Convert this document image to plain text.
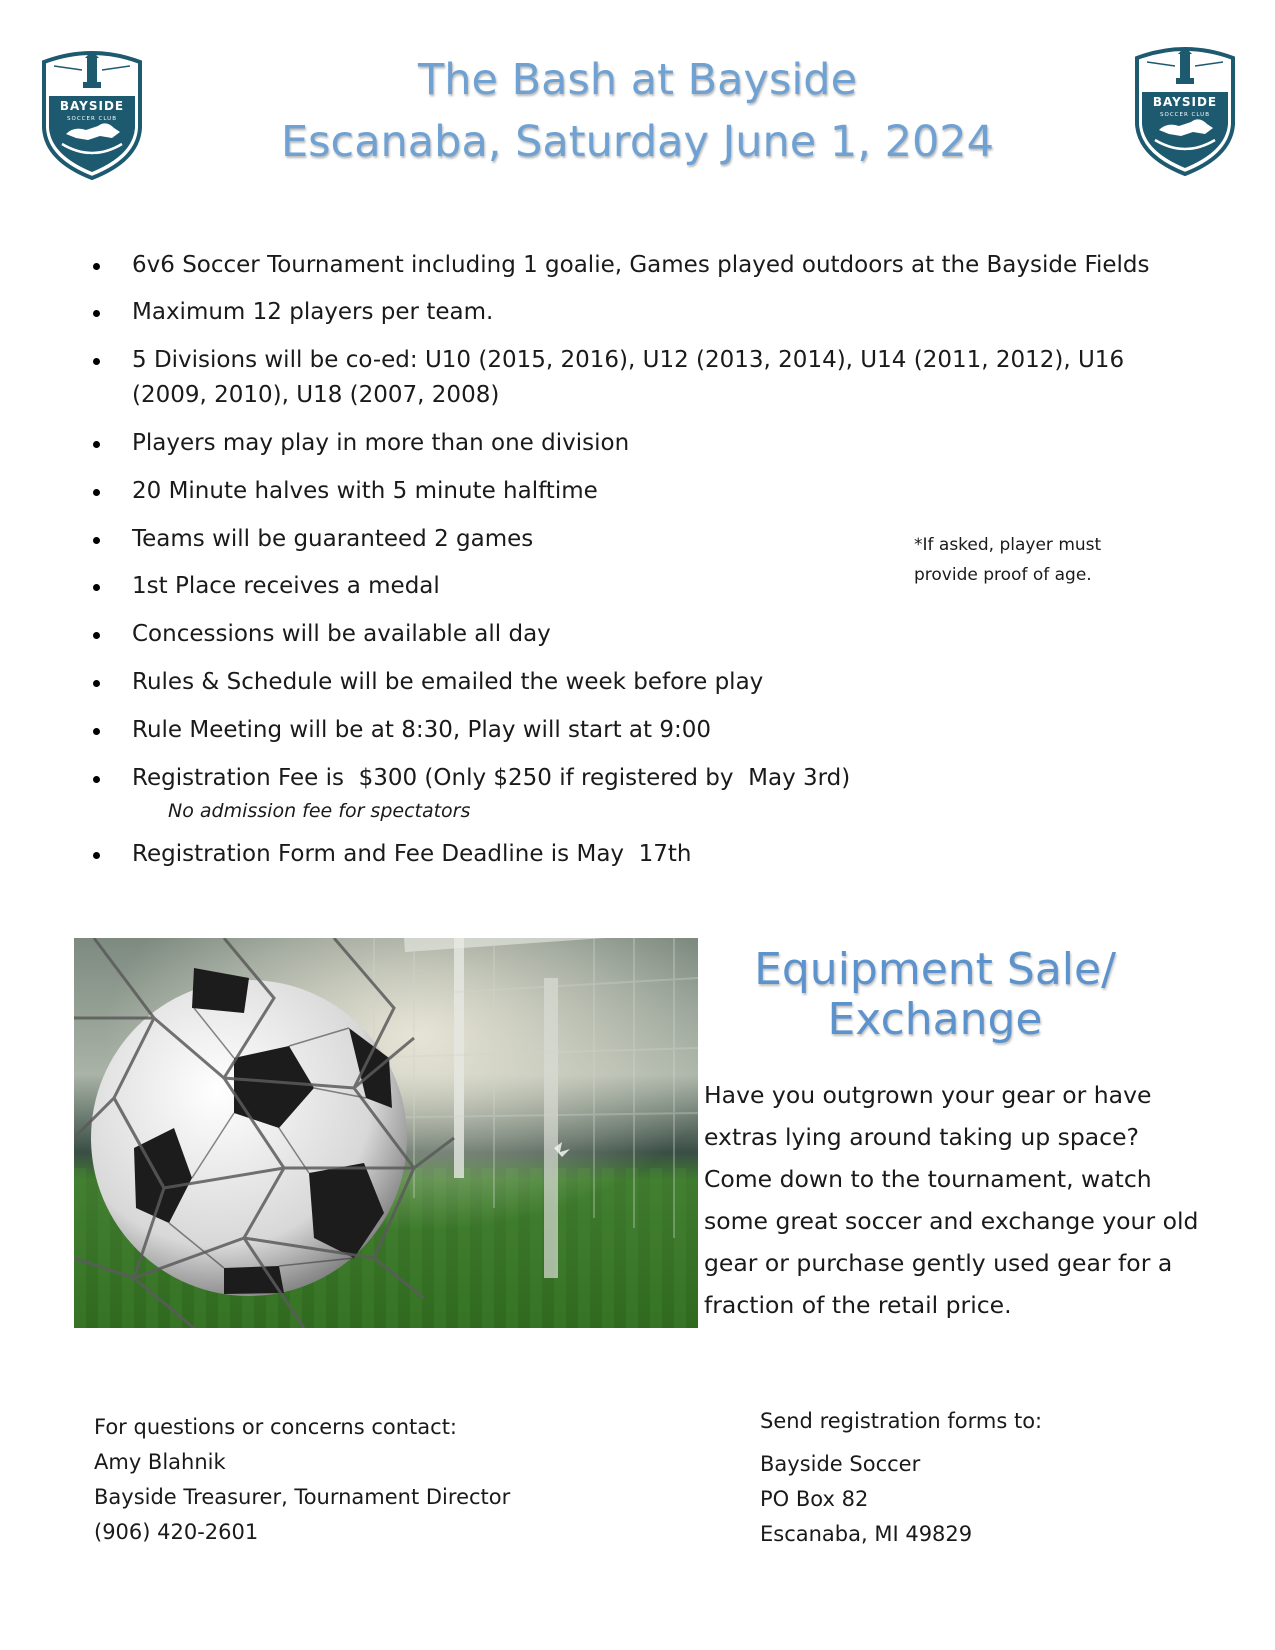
BAYSIDE
SOCCER CLUB
1996
BAYSIDE
SOCCER CLUB
1996
The Bash at Bayside
Escanaba, Saturday June 1, 2024
6v6 Soccer Tournament including 1 goalie, Games played outdoors at the Bayside Fields
Maximum 12 players per team.
5 Divisions will be co-ed: U10 (2015, 2016), U12 (2013, 2014), U14 (2011, 2012), U16 (2009, 2010), U18 (2007, 2008)
Players may play in more than one division
20 Minute halves with 5 minute halftime
Teams will be guaranteed 2 games
1st Place receives a medal
Concessions will be available all day
Rules & Schedule will be emailed the week before play
Rule Meeting will be at 8:30, Play will start at 9:00
Registration Fee is  $300 (Only $250 if registered by  May 3rd)
Registration Form and Fee Deadline is May  17th
No admission fee for spectators
*If asked, player must
provide proof of age.
Equipment Sale/
Exchange
Have you outgrown your gear or have extras lying around taking up space? Come down to the tournament, watch some great soccer and exchange your old gear or purchase gently used gear for a fraction of the retail price.
For questions or concerns contact:
Amy Blahnik
Bayside Treasurer, Tournament Director
(906) 420-2601
Send registration forms to:
Bayside Soccer
PO Box 82
Escanaba, MI 49829
